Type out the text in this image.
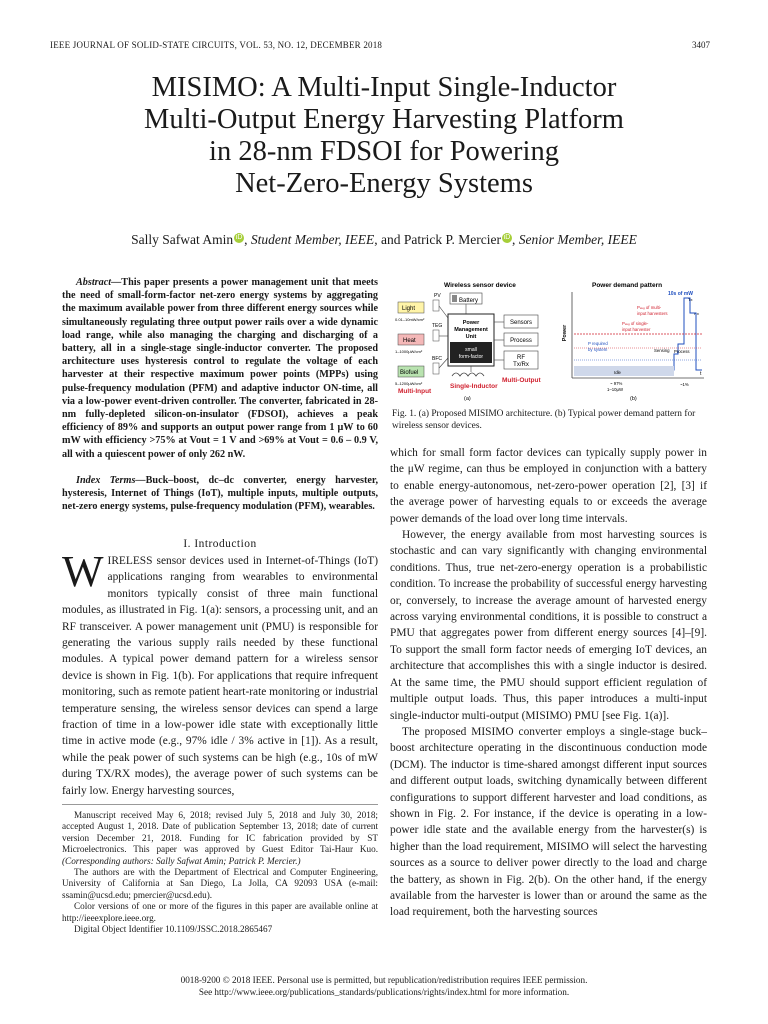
IEEE JOURNAL OF SOLID-STATE CIRCUITS, VOL. 53, NO. 12, DECEMBER 2018	3407
MISIMO: A Multi-Input Single-Inductor
Multi-Output Energy Harvesting Platform
in 28-nm FDSOI for Powering
Net-Zero-Energy Systems
Sally Safwat Amin iD , Student Member, IEEE, and Patrick P. Mercier iD , Senior Member, IEEE
Abstract—This paper presents a power management unit that meets the need of small-form-factor net-zero energy systems by aggregating the maximum available power from three different energy sources while simultaneously regulating three output power rails over a wide dynamic load range, while also managing the charging and discharging of a battery, all in a single-stage single-inductor converter. The proposed architecture uses hysteresis control to regulate the voltage of each harvester at their respective maximum power points (MPPs) using pulse-frequency modulation (PFM) and adaptive inductor ON-time, all via a low-power event-driven controller. The converter, fabricated in 28-nm fully-depleted silicon-on-insulator (FDSOI), achieves a peak efficiency of 89% and supports an output power range from 1 μW to 60 mW with efficiency >75% at Vout = 1 V and >69% at Vout = 0.6 – 0.9 V, all with a quiescent power of only 262 nW.
Index Terms—Buck–boost, dc–dc converter, energy harvester, hysteresis, Internet of Things (IoT), multiple inputs, multiple outputs, net-zero energy systems, pulse-frequency modulation (PFM), wearables.
I. Introduction
WIRELESS sensor devices used in Internet-of-Things (IoT) applications ranging from wearables to environmental monitors typically consist of three main functional modules, as illustrated in Fig. 1(a): sensors, a processing unit, and an RF transceiver. A power management unit (PMU) is responsible for generating the various supply rails needed by these functional modules. A typical power demand pattern for a wireless sensor device is shown in Fig. 1(b). For applications that require infrequent monitoring, such as remote patient heart-rate monitoring or industrial temperature sensing, the wireless sensor devices can spend a large fraction of time in a low-power idle state with exceptionally little time in active mode (e.g., 97% idle / 3% active in [1]). As a result, while the peak power of such systems can be high (e.g., 10s of mW during TX/RX modes), the average power of such systems can be fairly low. Energy harvesting sources,

Manuscript received May 6, 2018; revised July 5, 2018 and July 30, 2018; accepted August 1, 2018. Date of publication September 13, 2018; date of current version December 21, 2018. Funding for IC fabrication provided by ST Microelectronics. This paper was approved by Guest Editor Tai-Haur Kuo. (Corresponding authors: Sally Safwat Amin; Patrick P. Mercier.)

The authors are with the Department of Electrical and Computer Engineering, University of California at San Diego, La Jolla, CA 92093 USA (e-mail: ssamin@ucsd.edu; pmercier@ucsd.edu).

Color versions of one or more of the figures in this paper are available online at http://ieeexplore.ieee.org.

Digital Object Identifier 10.1109/JSSC.2018.2865467

Wireless sensor device
Light
PV
0.01–10mW/cm²
Heat
TEG
1–1000μW/cm²
Biofuel
BFC
5–1200μW/cm²
Multi-Input
Battery
Power
Management
Unit
small
form-factor
Single-Inductor
Sensors
Process
RF
Tx/Rx
Multi-Output
(a)
Power demand pattern
Power
t
10s of mW
Tx
Rx
Pavg of multi-
input harvesters
Pavg of single-
input harvester
P required
by system	Sensing Process
Idle
~ 97%
1–10μW
~1%
(b)
Fig. 1. (a) Proposed MISIMO architecture. (b) Typical power demand pattern for wireless sensor devices.

which for small form factor devices can typically supply power in the μW regime, can thus be employed in conjunction with a battery to enable energy-autonomous, net-zero-power operation [2], [3] if the average power of harvesting equals to or exceeds the average power demands of the load over long time intervals.

However, the energy available from most harvesting sources is stochastic and can vary significantly with changing environmental conditions. Thus, true net-zero-energy operation is a probabilistic condition. To increase the probability of successful energy harvesting or, conversely, to increase the average amount of harvested energy across varying environmental conditions, it is possible to construct a PMU that aggregates power from different energy sources [4]–[9]. To support the small form factor needs of emerging IoT devices, an architecture that accomplishes this with a single inductor is desired. At the same time, the PMU should support efficient regulation of multiple output loads. Thus, this paper introduces a multi-input single-inductor multi-output (MISIMO) PMU [see Fig. 1(a)].

The proposed MISIMO converter employs a single-stage buck–boost architecture operating in the discontinuous conduction mode (DCM). The inductor is time-shared amongst different input sources and different output loads, switching dynamically between different configurations to support different harvester and load conditions, as shown in Fig. 2. For instance, if the device is operating in a low-power idle state and the available energy from the harvester(s) is higher than the load requirement, MISIMO will select the harvesting sources as a source to deliver power directly to the load and charge the battery, as shown in Fig. 2(b). On the other hand, if the energy available from the harvester is lower than or around the same as the load requirement, both the harvesting sources

0018-9200 © 2018 IEEE. Personal use is permitted, but republication/redistribution requires IEEE permission.
See http://www.ieee.org/publications_standards/publications/rights/index.html for more information.
